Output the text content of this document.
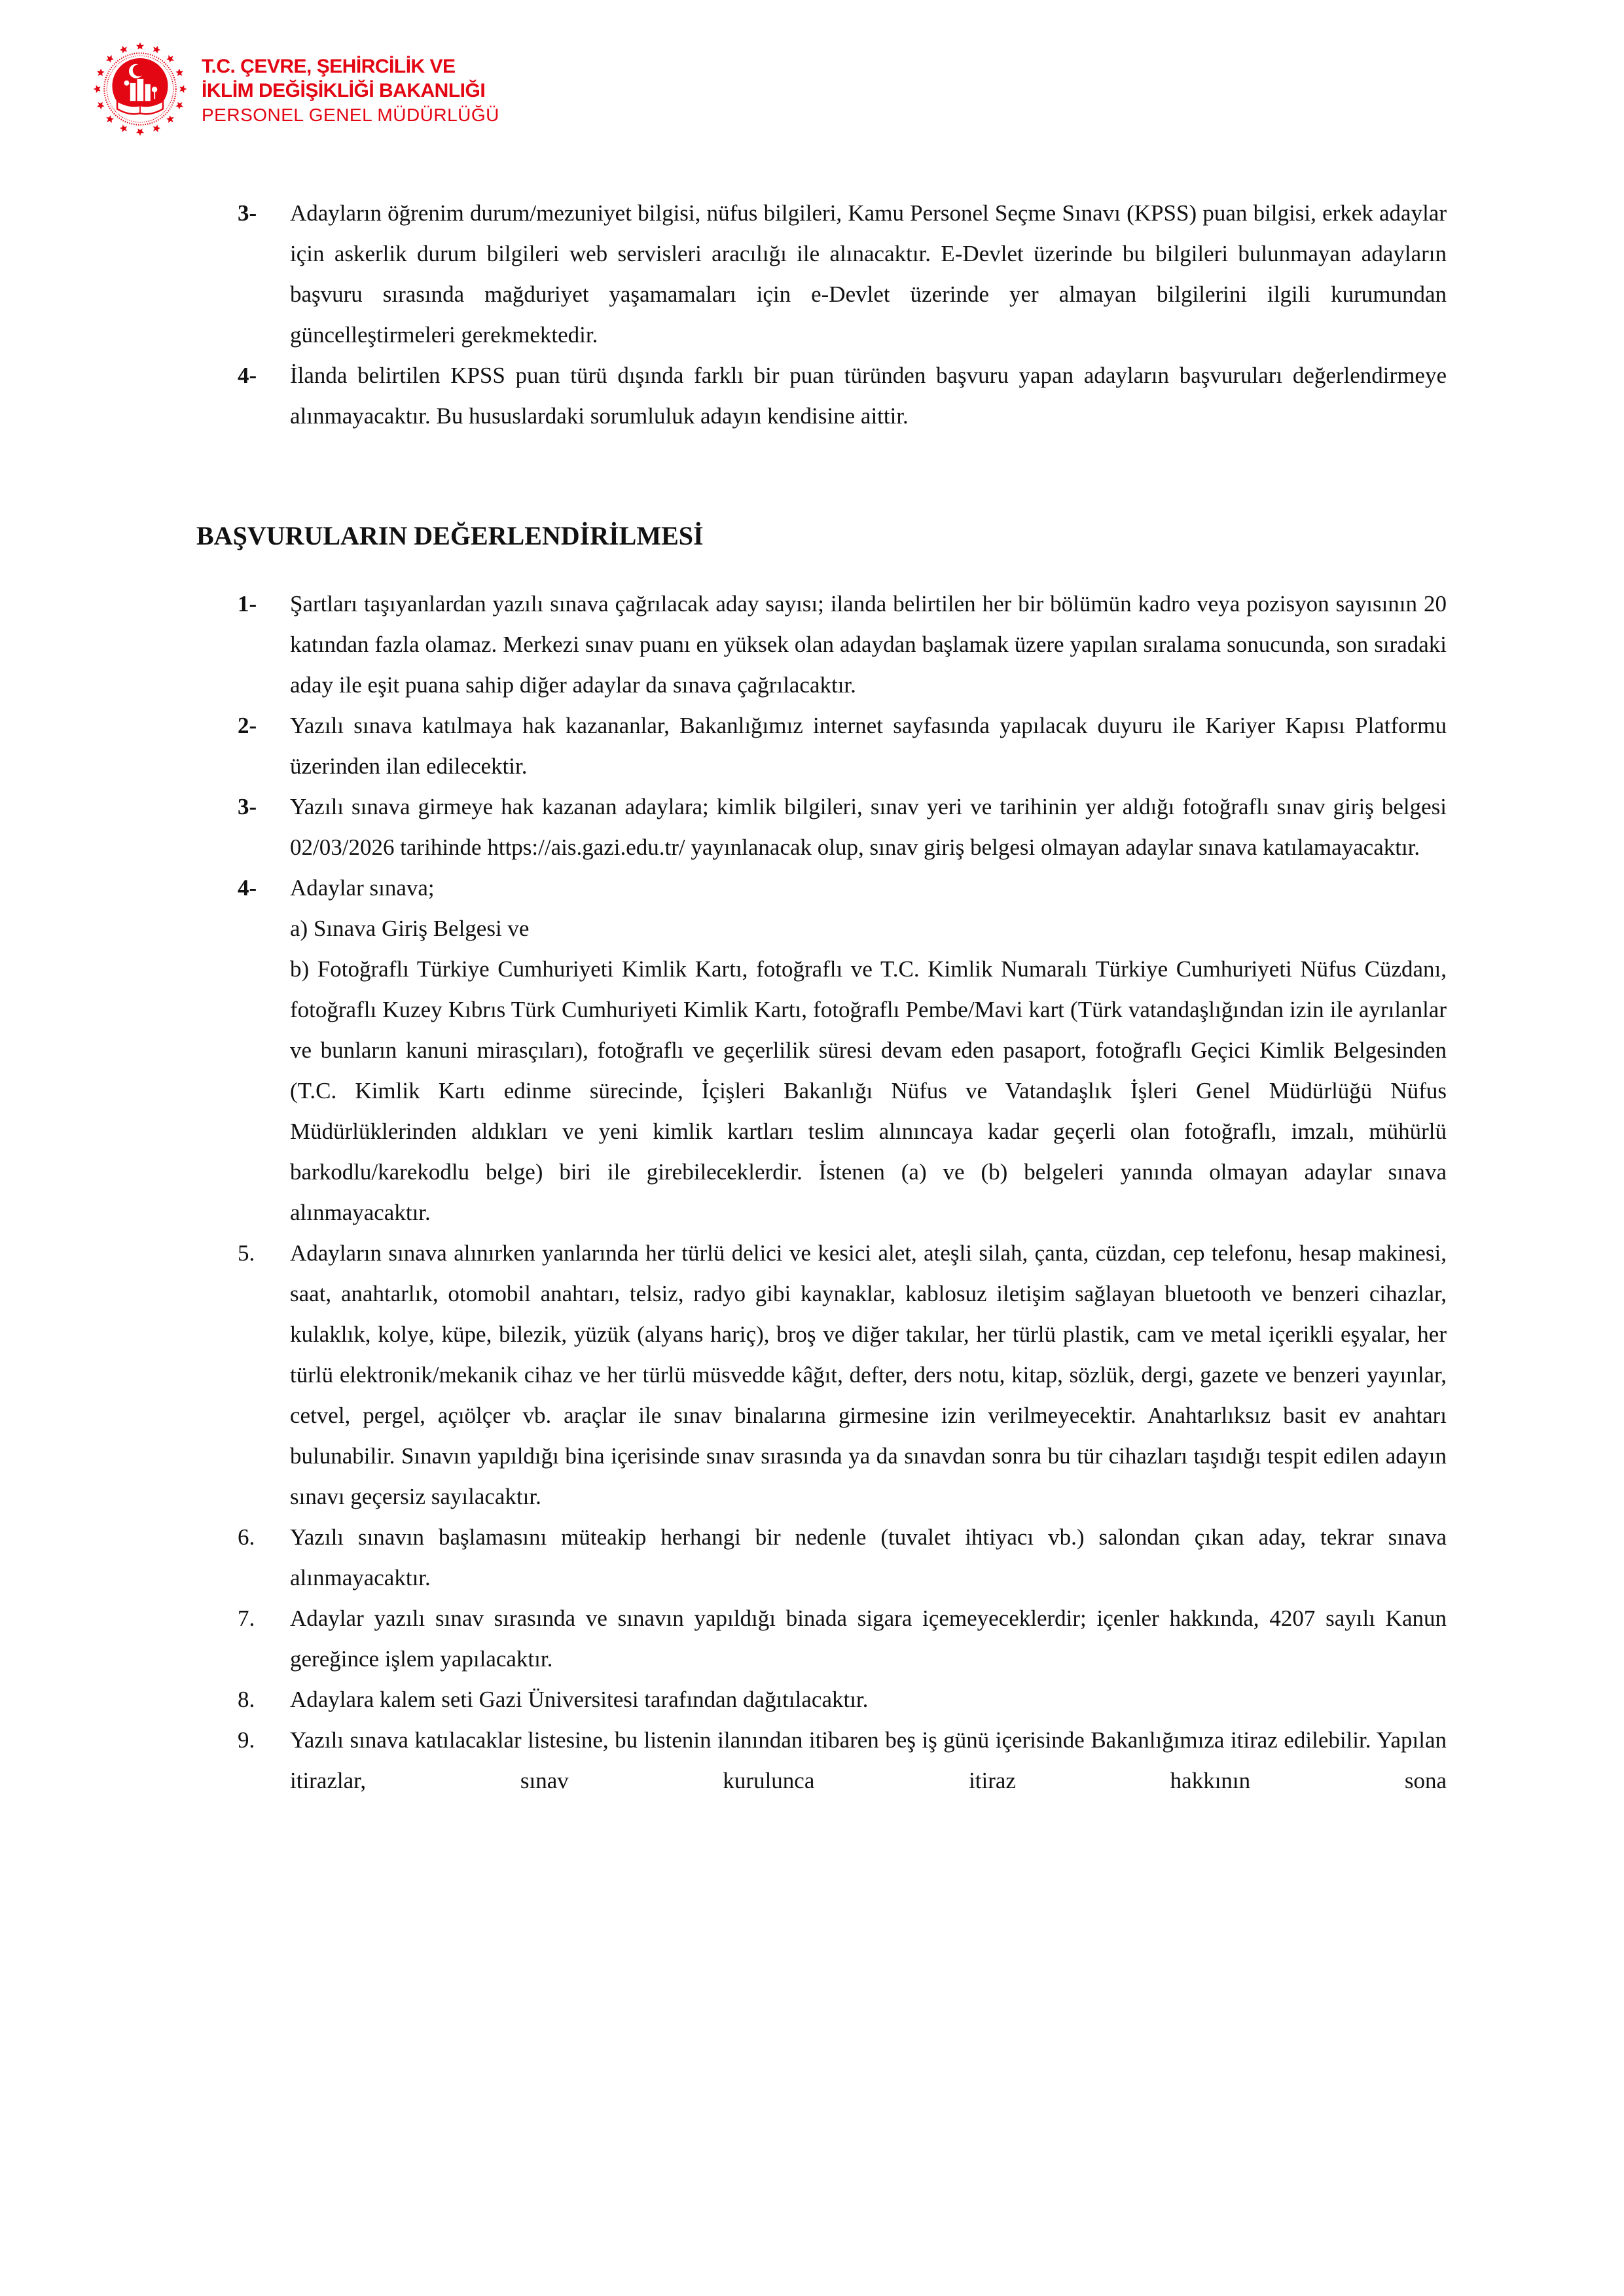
T.C. ÇEVRE, ŞEHİRCİLİK VE
İKLİM DEĞİŞİKLİĞİ BAKANLIĞI
PERSONEL GENEL MÜDÜRLÜĞÜ
3-	Adayların öğrenim durum/mezuniyet bilgisi, nüfus bilgileri, Kamu Personel Seçme Sınavı (KPSS) puan bilgisi, erkek adaylar için askerlik durum bilgileri web servisleri aracılığı ile alınacaktır. E-Devlet üzerinde bu bilgileri bulunmayan adayların başvuru sırasında mağduriyet yaşamamaları için e-Devlet üzerinde yer almayan bilgilerini ilgili kurumundan güncelleştirmeleri gerekmektedir.

4-	İlanda belirtilen KPSS puan türü dışında farklı bir puan türünden başvuru yapan adayların başvuruları değerlendirmeye alınmayacaktır. Bu hususlardaki sorumluluk adayın kendisine aittir.

BAŞVURULARIN DEĞERLENDİRİLMESİ
1-	Şartları taşıyanlardan yazılı sınava çağrılacak aday sayısı; ilanda belirtilen her bir bölümün kadro veya pozisyon sayısının 20 katından fazla olamaz. Merkezi sınav puanı en yüksek olan adaydan başlamak üzere yapılan sıralama sonucunda, son sıradaki aday ile eşit puana sahip diğer adaylar da sınava çağrılacaktır.

2-	Yazılı sınava katılmaya hak kazananlar, Bakanlığımız internet sayfasında yapılacak duyuru ile Kariyer Kapısı Platformu üzerinden ilan edilecektir.

3-	Yazılı sınava girmeye hak kazanan adaylara; kimlik bilgileri, sınav yeri ve tarihinin yer aldığı fotoğraflı sınav giriş belgesi 02/03/2026 tarihinde https://ais.gazi.edu.tr/ yayınlanacak olup, sınav giriş belgesi olmayan adaylar sınava katılamayacaktır.

4-	Adaylar sınava;

a) Sınava Giriş Belgesi ve

b) Fotoğraflı Türkiye Cumhuriyeti Kimlik Kartı, fotoğraflı ve T.C. Kimlik Numaralı Türkiye Cumhuriyeti Nüfus Cüzdanı, fotoğraflı Kuzey Kıbrıs Türk Cumhuriyeti Kimlik Kartı, fotoğraflı Pembe/Mavi kart (Türk vatandaşlığından izin ile ayrılanlar ve bunların kanuni mirasçıları), fotoğraflı ve geçerlilik süresi devam eden pasaport, fotoğraflı Geçici Kimlik Belgesinden (T.C. Kimlik Kartı edinme sürecinde, İçişleri Bakanlığı Nüfus ve Vatandaşlık İşleri Genel Müdürlüğü Nüfus Müdürlüklerinden aldıkları ve yeni kimlik kartları teslim alınıncaya kadar geçerli olan fotoğraflı, imzalı, mühürlü barkodlu/karekodlu belge) biri ile girebileceklerdir. İstenen (a) ve (b) belgeleri yanında olmayan adaylar sınava alınmayacaktır.

5.	Adayların sınava alınırken yanlarında her türlü delici ve kesici alet, ateşli silah, çanta, cüzdan, cep telefonu, hesap makinesi, saat, anahtarlık, otomobil anahtarı, telsiz, radyo gibi kaynaklar, kablosuz iletişim sağlayan bluetooth ve benzeri cihazlar, kulaklık, kolye, küpe, bilezik, yüzük (alyans hariç), broş ve diğer takılar, her türlü plastik, cam ve metal içerikli eşyalar, her türlü elektronik/mekanik cihaz ve her türlü müsvedde kâğıt, defter, ders notu, kitap, sözlük, dergi, gazete ve benzeri yayınlar, cetvel, pergel, açıölçer vb. araçlar ile sınav binalarına girmesine izin verilmeyecektir. Anahtarlıksız basit ev anahtarı bulunabilir. Sınavın yapıldığı bina içerisinde sınav sırasında ya da sınavdan sonra bu tür cihazları taşıdığı tespit edilen adayın sınavı geçersiz sayılacaktır.

6.	Yazılı sınavın başlamasını müteakip herhangi bir nedenle (tuvalet ihtiyacı vb.) salondan çıkan aday, tekrar sınava alınmayacaktır.

7.	Adaylar yazılı sınav sırasında ve sınavın yapıldığı binada sigara içemeyeceklerdir; içenler hakkında, 4207 sayılı Kanun gereğince işlem yapılacaktır.

8.	Adaylara kalem seti Gazi Üniversitesi tarafından dağıtılacaktır.

9.	Yazılı sınava katılacaklar listesine, bu listenin ilanından itibaren beş iş günü içerisinde Bakanlığımıza itiraz edilebilir. Yapılan itirazlar, sınav kurulunca itiraz hakkının sona
